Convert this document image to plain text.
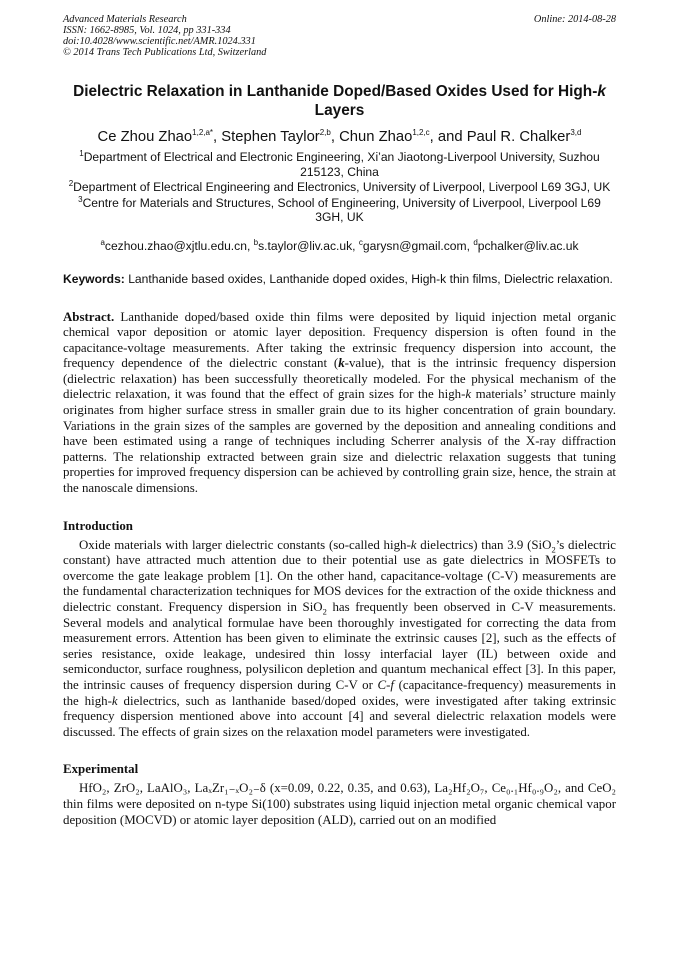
Advanced Materials Research
ISSN: 1662-8985, Vol. 1024, pp 331-334
doi:10.4028/www.scientific.net/AMR.1024.331
© 2014 Trans Tech Publications Ltd, Switzerland
Online: 2014-08-28
Dielectric Relaxation in Lanthanide Doped/Based Oxides Used for High-k
Layers
Ce Zhou Zhao$^{1,2,a*}$, Stephen Taylor$^{2,b}$, Chun Zhao$^{1,2,c}$, and Paul R. Chalker$^{3,d}$
$^1$Department of Electrical and Electronic Engineering, Xi’an Jiaotong-Liverpool University, Suzhou 215123, China
$^2$Department of Electrical Engineering and Electronics, University of Liverpool, Liverpool L69 3GJ, UK
$^3$Centre for Materials and Structures, School of Engineering, University of Liverpool, Liverpool L69 3GH, UK
$^a$cezhou.zhao@xjtlu.edu.cn, $^b$s.taylor@liv.ac.uk, $^c$garysn@gmail.com, $^d$pchalker@liv.ac.uk
Keywords: Lanthanide based oxides, Lanthanide doped oxides, High-k thin films, Dielectric relaxation.
Abstract. Lanthanide doped/based oxide thin films were deposited by liquid injection metal organic chemical vapor deposition or atomic layer deposition. Frequency dispersion is often found in the capacitance-voltage measurements. After taking the extrinsic frequency dispersion into account, the frequency dependence of the dielectric constant (k-value), that is the intrinsic frequency dispersion (dielectric relaxation) has been successfully theoretically modeled. For the physical mechanism of the dielectric relaxation, it was found that the effect of grain sizes for the high-k materials’ structure mainly originates from higher surface stress in smaller grain due to its higher concentration of grain boundary. Variations in the grain sizes of the samples are governed by the deposition and annealing conditions and have been estimated using a range of techniques including Scherrer analysis of the X-ray diffraction patterns. The relationship extracted between grain size and dielectric relaxation suggests that tuning properties for improved frequency dispersion can be achieved by controlling grain size, hence, the strain at the nanoscale dimensions.
Introduction

Oxide materials with larger dielectric constants (so-called high-k dielectrics) than 3.9 (SiO$_2$’s dielectric constant) have attracted much attention due to their potential use as gate dielectrics in MOSFETs to overcome the gate leakage problem [1]. On the other hand, capacitance-voltage (C-V) measurements are the fundamental characterization techniques for MOS devices for the extraction of the oxide thickness and dielectric constant. Frequency dispersion in SiO$_2$ has frequently been observed in C-V measurements. Several models and analytical formulae have been thoroughly investigated for correcting the data from measurement errors. Attention has been given to eliminate the extrinsic causes [2], such as the effects of series resistance, oxide leakage, undesired thin lossy interfacial layer (IL) between oxide and semiconductor, surface roughness, polysilicon depletion and quantum mechanical effect [3]. In this paper, the intrinsic causes of frequency dispersion during C-V or C-f (capacitance-frequency) measurements in the high-k dielectrics, such as lanthanide based/doped oxides, were investigated after taking extrinsic frequency dispersion mentioned above into account [4] and several dielectric relaxation models were discussed. The effects of grain sizes on the relaxation model parameters were investigated.

Experimental

HfO₂, ZrO₂, LaAlO₃, LaₓZr₁₋ₓO₂₋δ (x=0.09, 0.22, 0.35, and 0.63), La₂Hf₂O₇, Ce₀.₁Hf₀.₉O₂, and CeO₂ thin films were deposited on n-type Si(100) substrates using liquid injection metal organic chemical vapor deposition (MOCVD) or atomic layer deposition (ALD), carried out on an modified
